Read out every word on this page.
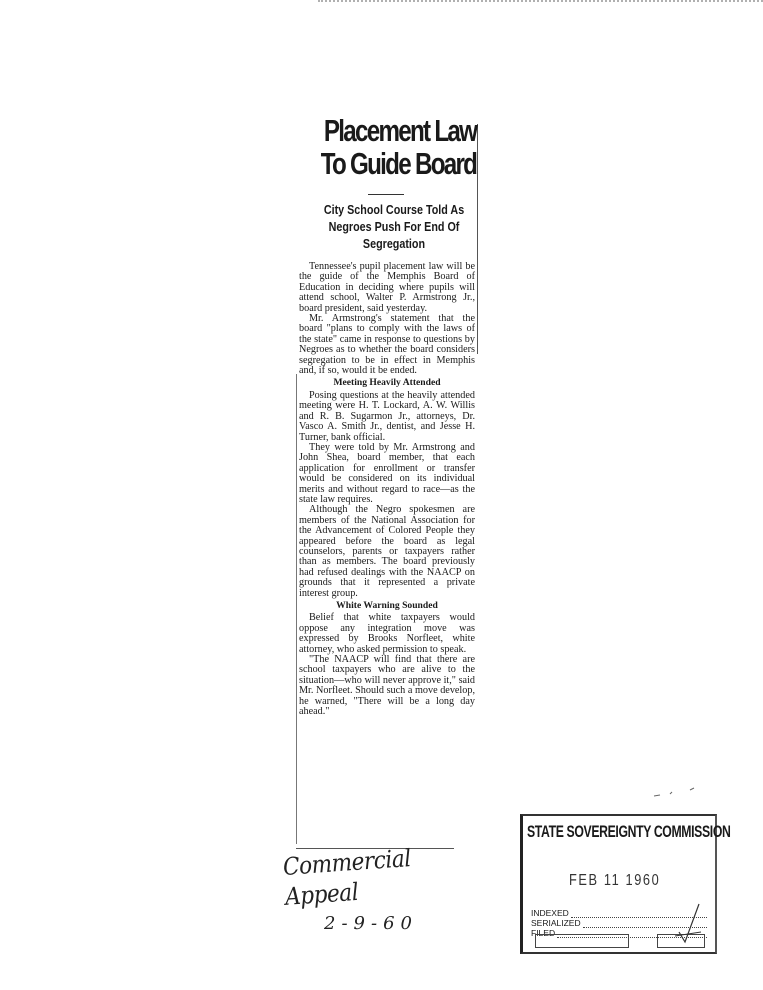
Placement Law
To Guide Board
City School Course Told As Negroes Push For End Of Segregation

Tennessee's pupil placement law will be the guide of the Memphis Board of Education in deciding where pupils will attend school, Walter P. Armstrong Jr., board president, said yesterday.

Mr. Armstrong's statement that the board "plans to comply with the laws of the state" came in response to questions by Negroes as to whether the board considers segregation to be in effect in Memphis and, if so, would it be ended.

Meeting Heavily Attended

Posing questions at the heavily attended meeting were H. T. Lockard, A. W. Willis and R. B. Sugarmon Jr., attorneys, Dr. Vasco A. Smith Jr., dentist, and Jesse H. Turner, bank official.

They were told by Mr. Armstrong and John Shea, board member, that each application for enrollment or transfer would be considered on its individual merits and without regard to race—as the state law requires.

Although the Negro spokesmen are members of the National Association for the Advancement of Colored People they appeared before the board as legal counselors, parents or taxpayers rather than as members. The board previously had refused dealings with the NAACP on grounds that it represented a private interest group.

White Warning Sounded

Belief that white taxpayers would oppose any integration move was expressed by Brooks Norfleet, white attorney, who asked permission to speak.

"The NAACP will find that there are school taxpayers who are alive to the situation—who will never approve it," said Mr. Norfleet. Should such a move develop, he warned, "There will be a long day ahead."

Commercial Appeal
2-9-60
STATE SOVEREIGNTY COMMISSION
FEB 11 1960
INDEXED
SERIALIZED
FILED
